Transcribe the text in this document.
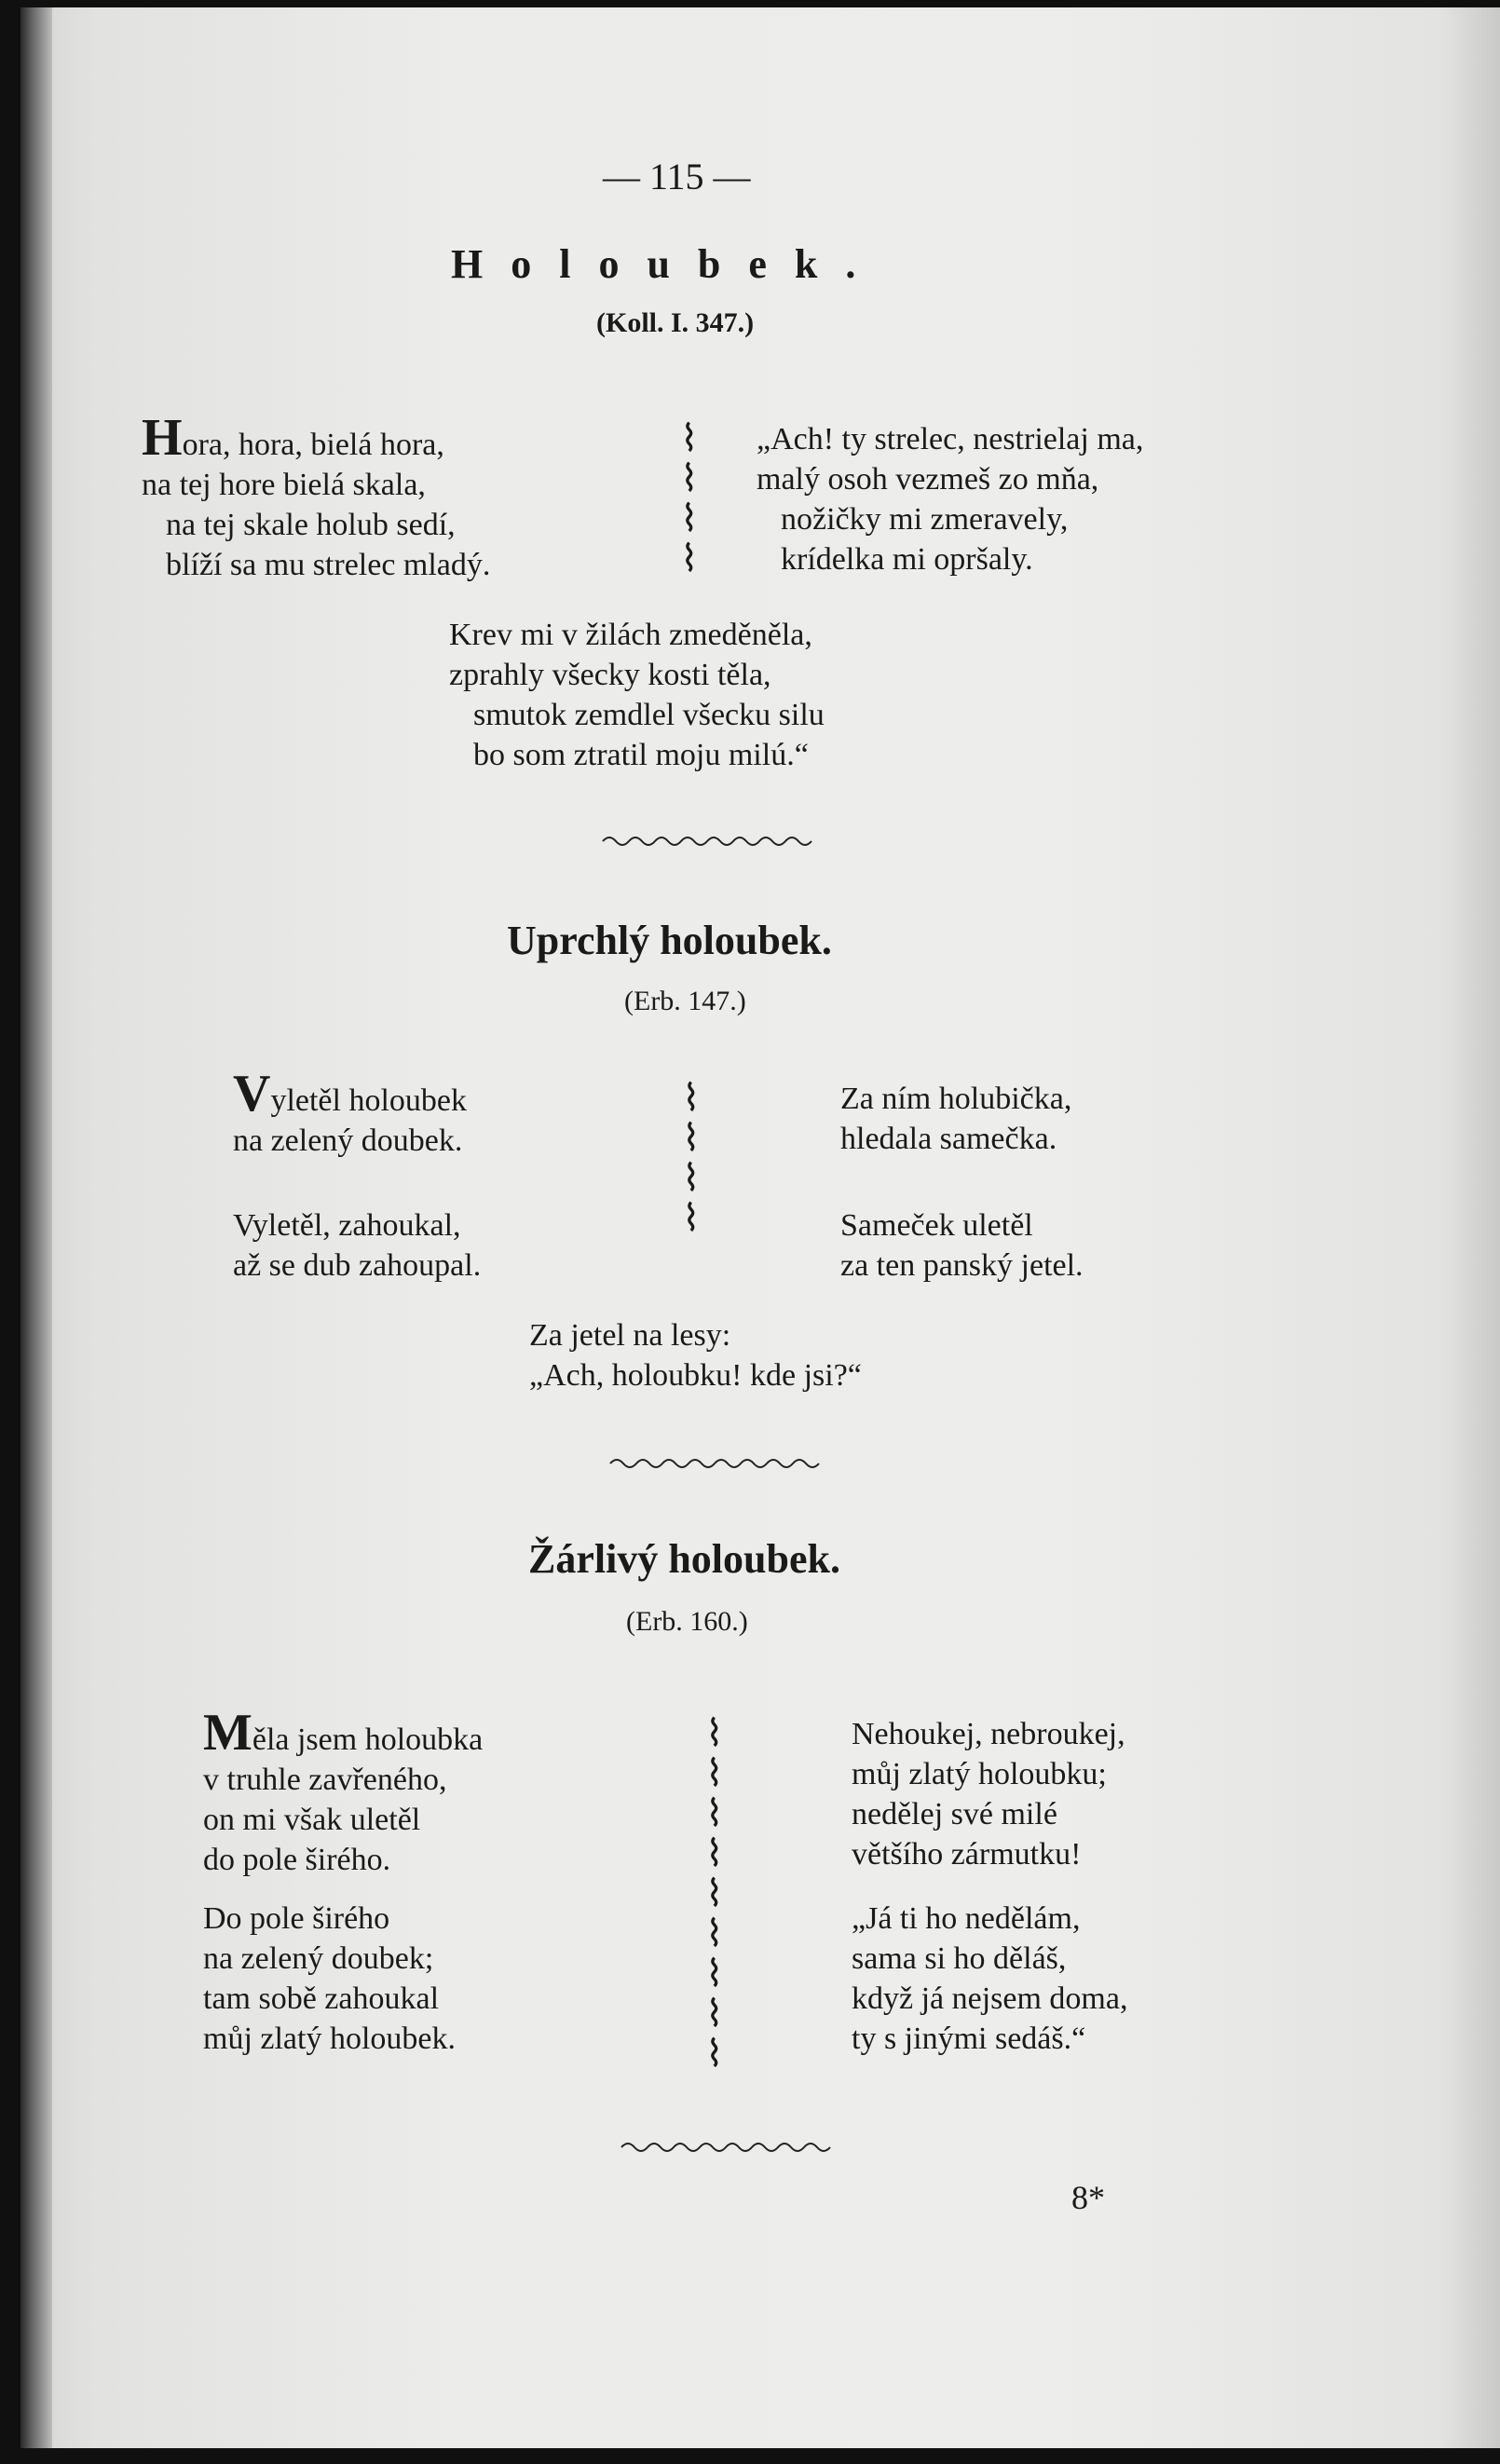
— 115 —
Holoubek.
(Koll. I. 347.)
Hora, hora, bielá hora,
na tej hore bielá skala,
na tej skale holub sedí,
blíží sa mu strelec mladý.
⌇
⌇
⌇
⌇
„Ach! ty strelec, nestrielaj ma,
malý osoh vezmeš zo mňa,
nožičky mi zmeravely,
krídelka mi opršaly.
Krev mi v žilách zmeděněla,
zprahly všecky kosti těla,
smutok zemdlel všecku silu
bo som ztratil moju milú.“
Uprchlý holoubek.
(Erb. 147.)
Vyletěl holoubek
na zelený doubek.
Vyletěl, zahoukal,
až se dub zahoupal.
⌇
⌇
⌇
⌇
Za ním holubička,
hledala samečka.
Sameček uletěl
za ten panský jetel.
Za jetel na lesy:
„Ach, holoubku! kde jsi?“
Žárlivý holoubek.
(Erb. 160.)
Měla jsem holoubka
v truhle zavřeného,
on mi však uletěl
do pole širého.
Do pole širého
na zelený doubek;
tam sobě zahoukal
můj zlatý holoubek.
⌇
⌇
⌇
⌇
⌇
⌇
⌇
⌇
⌇
Nehoukej, nebroukej,
můj zlatý holoubku;
nedělej své milé
většího zármutku!
„Já ti ho nedělám,
sama si ho děláš,
když já nejsem doma,
ty s jinými sedáš.“
8*
